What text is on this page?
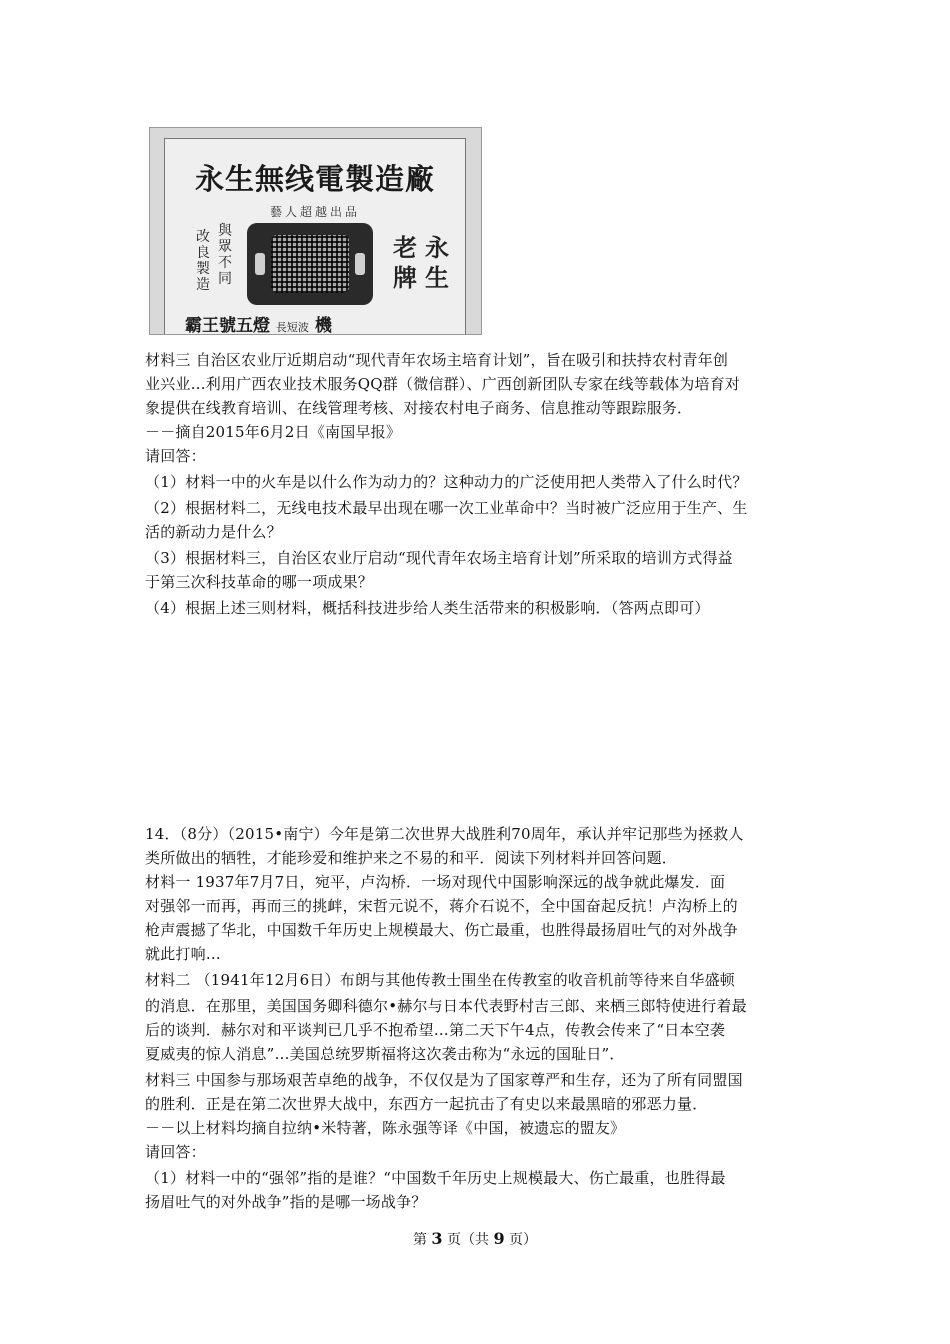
永生無线電製造廠
藝人超越出品
改良製造
與眾不同
老牌
永生
霸王號五燈 長短波 機
材料三 自治区农业厅近期启动“现代青年农场主培育计划”，旨在吸引和扶持农村青年创
业兴业…利用广西农业技术服务QQ群（微信群）、广西创新团队专家在线等载体为培育对
象提供在线教育培训、在线管理考核、对接农村电子商务、信息推动等跟踪服务．
－－摘自2015年6月2日《南国早报》
请回答：
（1）材料一中的火车是以什么作为动力的？这种动力的广泛使用把人类带入了什么时代？
（2）根据材料二，无线电技术最早出现在哪一次工业革命中？当时被广泛应用于生产、生
活的新动力是什么？
（3）根据材料三，自治区农业厅启动“现代青年农场主培育计划”所采取的培训方式得益
于第三次科技革命的哪一项成果？
（4）根据上述三则材料，概括科技进步给人类生活带来的积极影响．（答两点即可）
14．（8分）（2015•南宁）今年是第二次世界大战胜利70周年，承认并牢记那些为拯救人
类所做出的牺牲，才能珍爱和维护来之不易的和平．阅读下列材料并回答问题．
材料一 1937年7月7日，宛平，卢沟桥．一场对现代中国影响深远的战争就此爆发．面
对强邻一而再，再而三的挑衅，宋哲元说不，蒋介石说不，全中国奋起反抗！卢沟桥上的
枪声震撼了华北，中国数千年历史上规模最大、伤亡最重，也胜得最扬眉吐气的对外战争
就此打响…
材料二 （1941年12月6日）布朗与其他传教士围坐在传教室的收音机前等待来自华盛顿
的消息．在那里，美国国务卿科德尔•赫尔与日本代表野村吉三郎、来栖三郎特使进行着最
后的谈判．赫尔对和平谈判已几乎不抱希望…第二天下午4点，传教会传来了“日本空袭
夏威夷的惊人消息”…美国总统罗斯福将这次袭击称为“永远的国耻日”．
材料三 中国参与那场艰苦卓绝的战争，不仅仅是为了国家尊严和生存，还为了所有同盟国
的胜利．正是在第二次世界大战中，东西方一起抗击了有史以来最黑暗的邪恶力量．
－－以上材料均摘自拉纳•米特著，陈永强等译《中国，被遗忘的盟友》
请回答：
（1）材料一中的“强邻”指的是谁？“中国数千年历史上规模最大、伤亡最重，也胜得最
扬眉吐气的对外战争”指的是哪一场战争？
第 3 页（共 9 页）
